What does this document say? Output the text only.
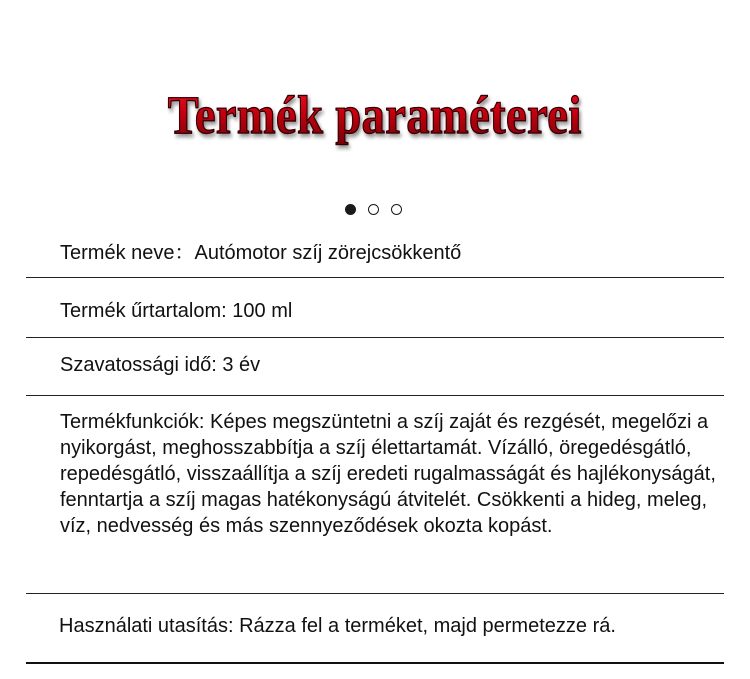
Termék paraméterei
Termék neve：Autómotor szíj zörejcsökkentő
Termék űrtartalom: 100 ml
Szavatossági idő: 3 év
Termékfunkciók: Képes megszüntetni a szíj zaját és rezgését, megelőzi a nyikorgást, meghosszabbítja a szíj élettartamát. Vízálló, öregedésgátló, repedésgátló, visszaállítja a szíj eredeti rugalmasságát és hajlékonyságát, fenntartja a szíj magas hatékonyságú átvitelét. Csökkenti a hideg, meleg, víz, nedvesség és más szennyeződések okozta kopást.
Használati utasítás: Rázza fel a terméket, majd permetezze rá.
